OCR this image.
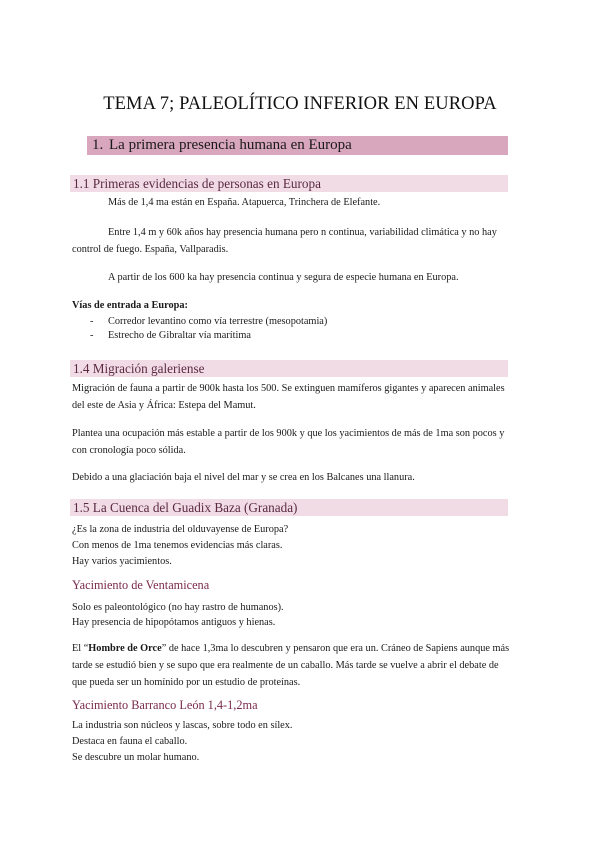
TEMA 7; PALEOLÍTICO INFERIOR EN EUROPA
1. La primera presencia humana en Europa
1.1 Primeras evidencias de personas en Europa
Más de 1,4 ma están en España. Atapuerca, Trinchera de Elefante.
Entre 1,4 m y 60k años hay presencia humana pero n continua, variabilidad climática y no hay control de fuego. España, Vallparadis.
A partir de los 600 ka hay presencia continua y segura de especie humana en Europa.
Vías de entrada a Europa:
- Corredor levantino como vía terrestre (mesopotamia)
- Estrecho de Gibraltar vía marítima
1.4 Migración galeriense
Migración de fauna a partir de 900k hasta los 500. Se extinguen mamíferos gigantes y aparecen animales del este de Asia y África: Estepa del Mamut.
Plantea una ocupación más estable a partir de los 900k y que los yacimientos de más de 1ma son pocos y con cronología poco sólida.
Debido a una glaciación baja el nivel del mar y se crea en los Balcanes una llanura.
1.5 La Cuenca del Guadix Baza (Granada)
¿Es la zona de industria del olduvayense de Europa?
Con menos de 1ma tenemos evidencias más claras.
Hay varios yacimientos.
Yacimiento de Ventamicena
Solo es paleontológico (no hay rastro de humanos).
Hay presencia de hipopótamos antiguos y hienas.
El “Hombre de Orce” de hace 1,3ma lo descubren y pensaron que era un. Cráneo de Sapiens aunque más tarde se estudió bien y se supo que era realmente de un caballo. Más tarde se vuelve a abrir el debate de que pueda ser un homínido por un estudio de proteínas.
Yacimiento Barranco León 1,4-1,2ma
La industria son núcleos y lascas, sobre todo en sílex.
Destaca en fauna el caballo.
Se descubre un molar humano.
